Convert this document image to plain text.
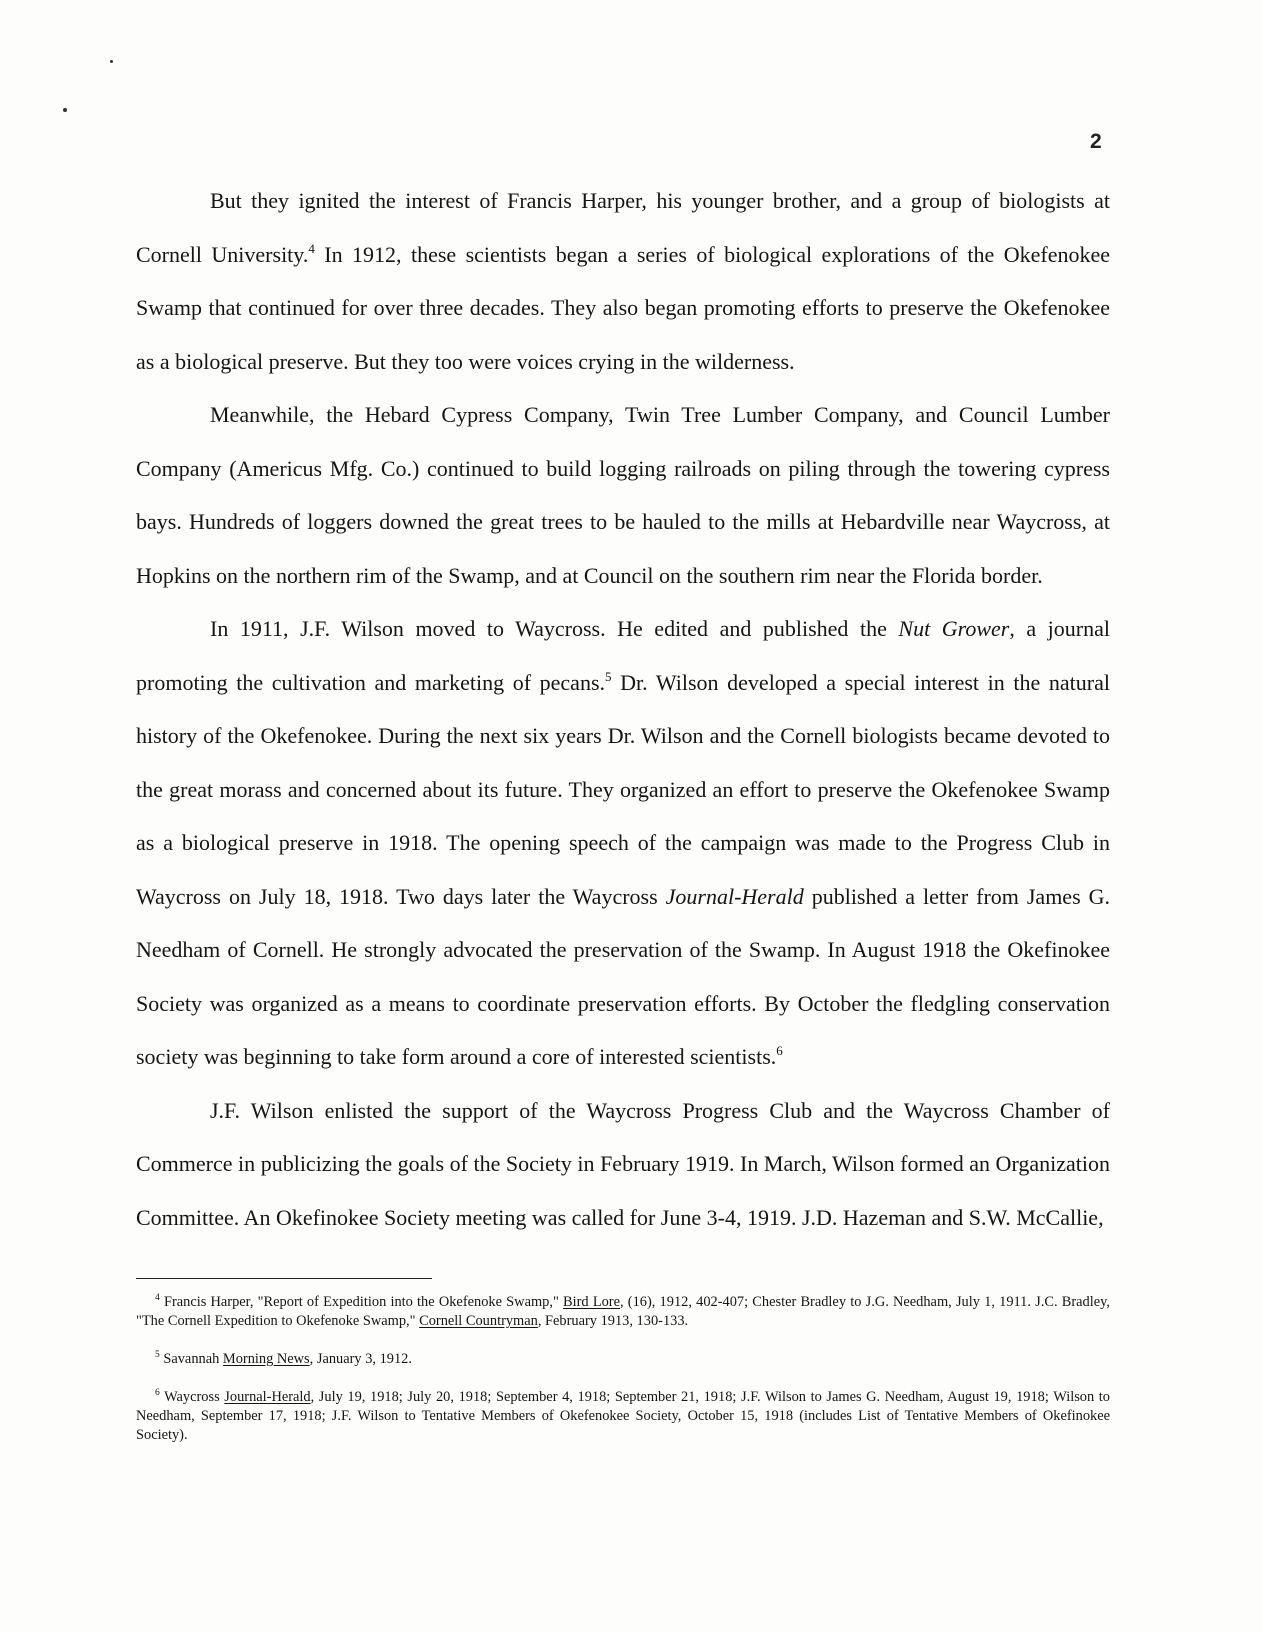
2

But they ignited the interest of Francis Harper, his younger brother, and a group of biologists at Cornell University.$^4$ In 1912, these scientists began a series of biological explorations of the Okefenokee Swamp that continued for over three decades. They also began promoting efforts to preserve the Okefenokee as a biological preserve. But they too were voices crying in the wilderness.

Meanwhile, the Hebard Cypress Company, Twin Tree Lumber Company, and Council Lumber Company (Americus Mfg. Co.) continued to build logging railroads on piling through the towering cypress bays. Hundreds of loggers downed the great trees to be hauled to the mills at Hebardville near Waycross, at Hopkins on the northern rim of the Swamp, and at Council on the southern rim near the Florida border.

In 1911, J.F. Wilson moved to Waycross. He edited and published the Nut Grower, a journal promoting the cultivation and marketing of pecans.$^5$ Dr. Wilson developed a special interest in the natural history of the Okefenokee. During the next six years Dr. Wilson and the Cornell biologists became devoted to the great morass and concerned about its future. They organized an effort to preserve the Okefenokee Swamp as a biological preserve in 1918. The opening speech of the campaign was made to the Progress Club in Waycross on July 18, 1918. Two days later the Waycross Journal-Herald published a letter from James G. Needham of Cornell. He strongly advocated the preservation of the Swamp. In August 1918 the Okefinokee Society was organized as a means to coordinate preservation efforts. By October the fledgling conservation society was beginning to take form around a core of interested scientists.$^6$

J.F. Wilson enlisted the support of the Waycross Progress Club and the Waycross Chamber of Commerce in publicizing the goals of the Society in February 1919. In March, Wilson formed an Organization Committee. An Okefinokee Society meeting was called for June 3-4, 1919. J.D. Hazeman and S.W. McCallie,

$^4$ Francis Harper, "Report of Expedition into the Okefenoke Swamp," Bird Lore, (16), 1912, 402-407; Chester Bradley to J.G. Needham, July 1, 1911. J.C. Bradley, "The Cornell Expedition to Okefenoke Swamp," Cornell Countryman, February 1913, 130-133.

$^5$ Savannah Morning News, January 3, 1912.

$^6$ Waycross Journal-Herald, July 19, 1918; July 20, 1918; September 4, 1918; September 21, 1918; J.F. Wilson to James G. Needham, August 19, 1918; Wilson to Needham, September 17, 1918; J.F. Wilson to Tentative Members of Okefenokee Society, October 15, 1918 (includes List of Tentative Members of Okefinokee Society).
